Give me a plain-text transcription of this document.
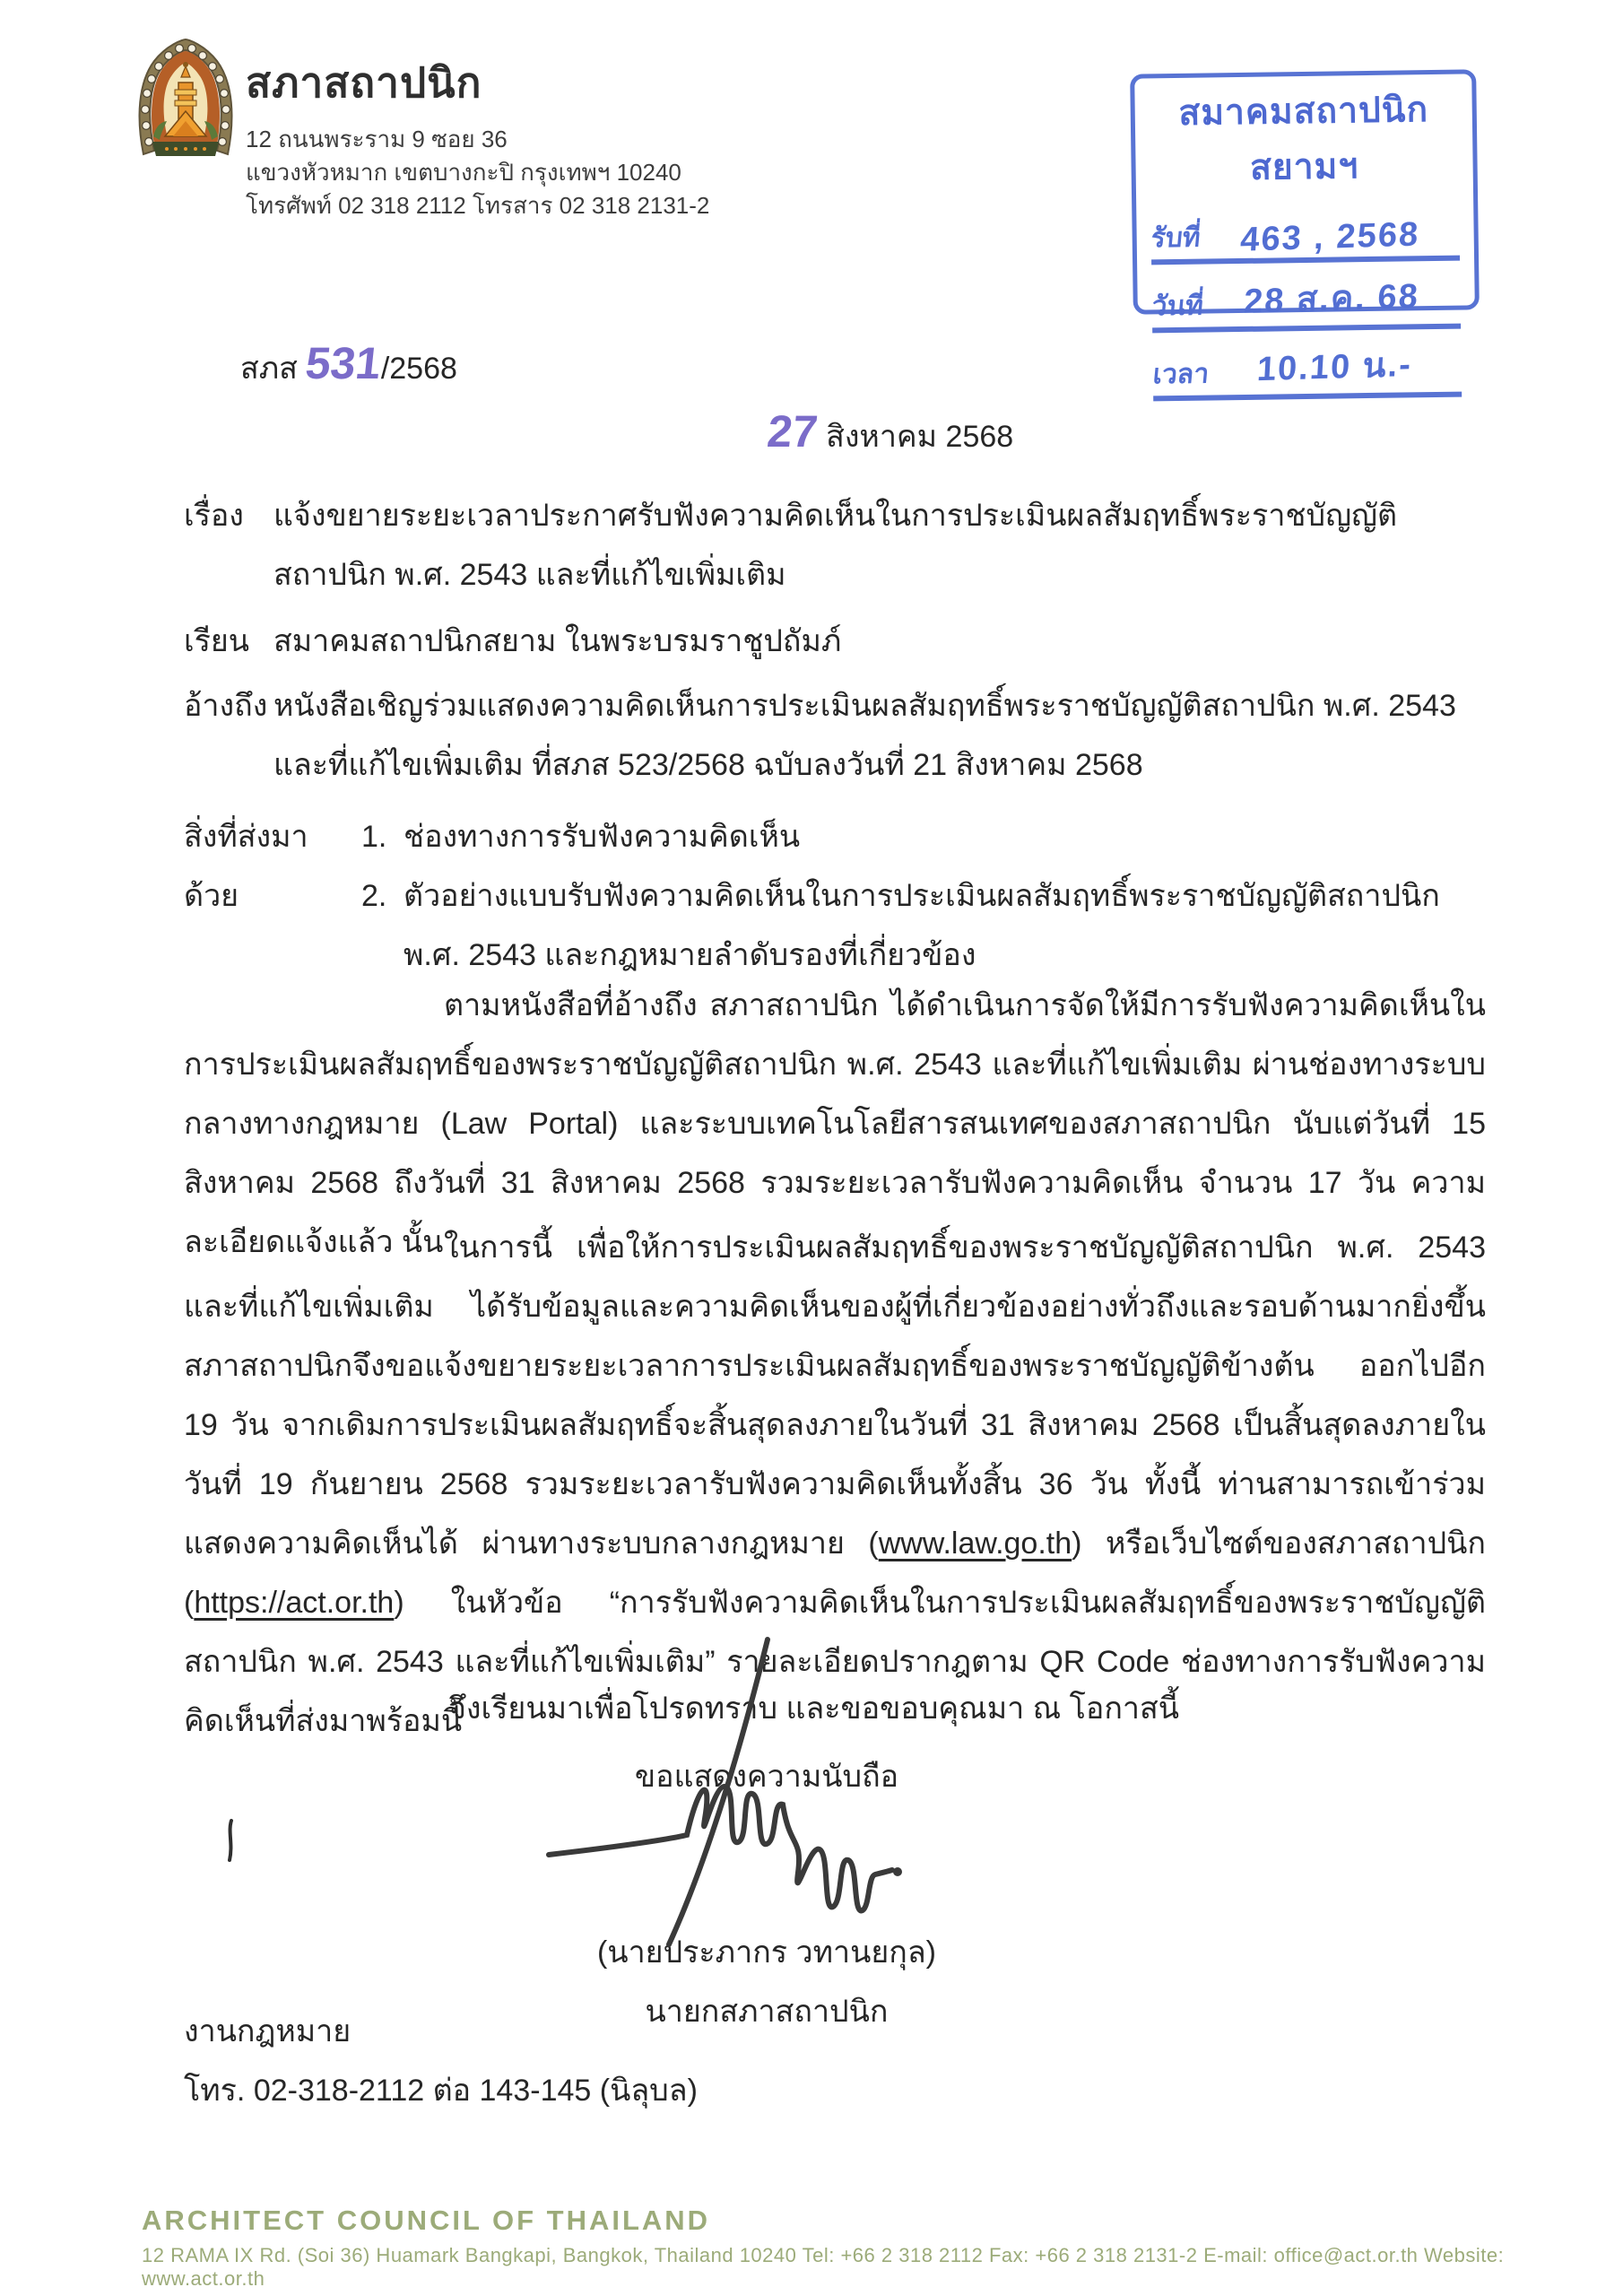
สภาสถาปนิก
12 ถนนพระราม 9 ซอย 36
แขวงหัวหมาก เขตบางกะปิ กรุงเทพฯ 10240
โทรศัพท์ 02 318 2112 โทรสาร 02 318 2131-2
สมาคมสถาปนิกสยามฯ
รับที่	463 , 2568
วันที่	28 ส.ค. 68
เวลา	10.10 น.-
สภส 531/2568
27 สิงหาคม 2568
เรื่อง แจ้งขยายระยะเวลาประกาศรับฟังความคิดเห็นในการประเมินผลสัมฤทธิ์พระราชบัญญัติสถาปนิก พ.ศ. 2543 และที่แก้ไขเพิ่มเติม
เรียน สมาคมสถาปนิกสยาม ในพระบรมราชูปถัมภ์
อ้างถึง หนังสือเชิญร่วมแสดงความคิดเห็นการประเมินผลสัมฤทธิ์พระราชบัญญัติสถาปนิก พ.ศ. 2543 และที่แก้ไขเพิ่มเติม ที่สภส 523/2568 ฉบับลงวันที่ 21 สิงหาคม 2568
สิ่งที่ส่งมาด้วย
1. ช่องทางการรับฟังความคิดเห็น
2. ตัวอย่างแบบรับฟังความคิดเห็นในการประเมินผลสัมฤทธิ์พระราชบัญญัติสถาปนิก พ.ศ. 2543 และกฎหมายลำดับรองที่เกี่ยวข้อง
ตามหนังสือที่อ้างถึง สภาสถาปนิก ได้ดำเนินการจัดให้มีการรับฟังความคิดเห็นในการประเมินผลสัมฤทธิ์ของพระราชบัญญัติสถาปนิก พ.ศ. 2543 และที่แก้ไขเพิ่มเติม ผ่านช่องทางระบบกลางทางกฎหมาย (Law Portal) และระบบเทคโนโลยีสารสนเทศของสภาสถาปนิก นับแต่วันที่ 15 สิงหาคม 2568 ถึงวันที่ 31 สิงหาคม 2568 รวมระยะเวลารับฟังความคิดเห็น จำนวน 17 วัน ความละเอียดแจ้งแล้ว นั้น ในการนี้ เพื่อให้การประเมินผลสัมฤทธิ์ของพระราชบัญญัติสถาปนิก พ.ศ. 2543 และที่แก้ไขเพิ่มเติม ได้รับข้อมูลและความคิดเห็นของผู้ที่เกี่ยวข้องอย่างทั่วถึงและรอบด้านมากยิ่งขึ้น สภาสถาปนิกจึงขอแจ้งขยายระยะเวลาการประเมินผลสัมฤทธิ์ของพระราชบัญญัติข้างต้น ออกไปอีก 19 วัน จากเดิมการประเมินผลสัมฤทธิ์จะสิ้นสุดลงภายในวันที่ 31 สิงหาคม 2568 เป็นสิ้นสุดลงภายในวันที่ 19 กันยายน 2568 รวมระยะเวลารับฟังความคิดเห็นทั้งสิ้น 36 วัน ทั้งนี้ ท่านสามารถเข้าร่วมแสดงความคิดเห็นได้ ผ่านทางระบบกลางกฎหมาย (www.law.go.th) หรือเว็บไซต์ของสภาสถาปนิก (https://act.or.th) ในหัวข้อ “การรับฟังความคิดเห็นในการประเมินผลสัมฤทธิ์ของพระราชบัญญัติสถาปนิก พ.ศ. 2543 และที่แก้ไขเพิ่มเติม” รายละเอียดปรากฎตาม QR Code ช่องทางการรับฟังความคิดเห็นที่ส่งมาพร้อมนี้
จึงเรียนมาเพื่อโปรดทราบ และขอขอบคุณมา ณ โอกาสนี้
ขอแสดงความนับถือ
(นายประภากร วทานยกุล)
นายกสภาสถาปนิก
งานกฎหมาย
โทร. 02-318-2112 ต่อ 143-145 (นิลุบล)
ARCHITECT COUNCIL OF THAILAND
12 RAMA IX Rd. (Soi 36) Huamark Bangkapi, Bangkok, Thailand 10240 Tel: +66 2 318 2112 Fax: +66 2 318 2131-2 E-mail: office@act.or.th Website: www.act.or.th
